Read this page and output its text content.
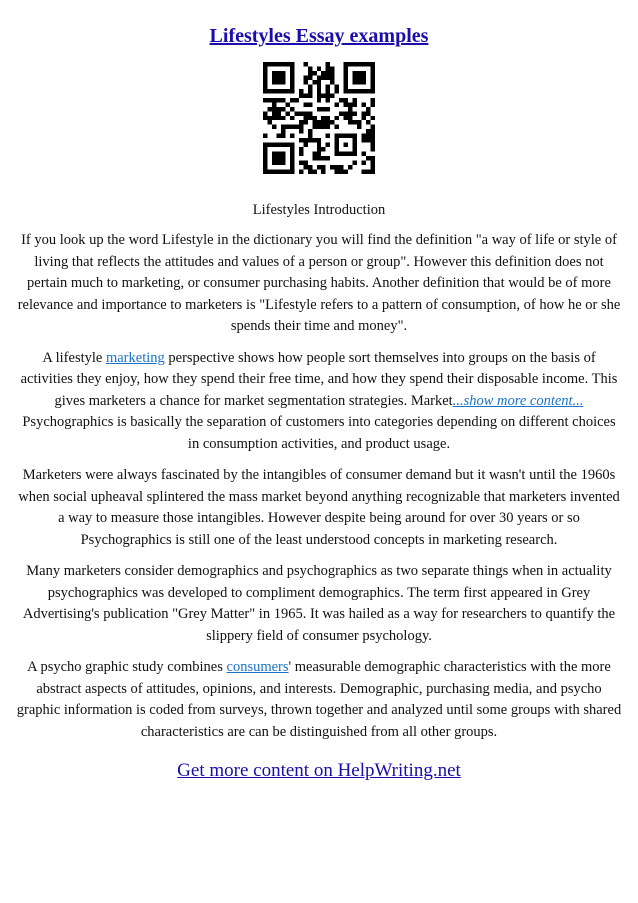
Lifestyles Essay examples
Lifestyles Introduction

If you look up the word Lifestyle in the dictionary you will find the definition "a way of life or style of living that reflects the attitudes and values of a person or group". However this definition does not pertain much to marketing, or consumer purchasing habits. Another definition that would be of more relevance and importance to marketers is "Lifestyle refers to a pattern of consumption, of how he or she spends their time and money".

A lifestyle marketing perspective shows how people sort themselves into groups on the basis of activities they enjoy, how they spend their free time, and how they spend their disposable income. This gives marketers a chance for market segmentation strategies. Market...show more content... Psychographics is basically the separation of customers into categories depending on different choices in consumption activities, and product usage.

Marketers were always fascinated by the intangibles of consumer demand but it wasn't until the 1960s when social upheaval splintered the mass market beyond anything recognizable that marketers invented a way to measure those intangibles. However despite being around for over 30 years or so Psychographics is still one of the least understood concepts in marketing research.

Many marketers consider demographics and psychographics as two separate things when in actuality psychographics was developed to compliment demographics. The term first appeared in Grey Advertising's publication "Grey Matter" in 1965. It was hailed as a way for researchers to quantify the slippery field of consumer psychology.

A psycho graphic study combines consumers' measurable demographic characteristics with the more abstract aspects of attitudes, opinions, and interests. Demographic, purchasing media, and psycho graphic information is coded from surveys, thrown together and analyzed until some groups with shared characteristics are can be distinguished from all other groups.

Get more content on HelpWriting.net
